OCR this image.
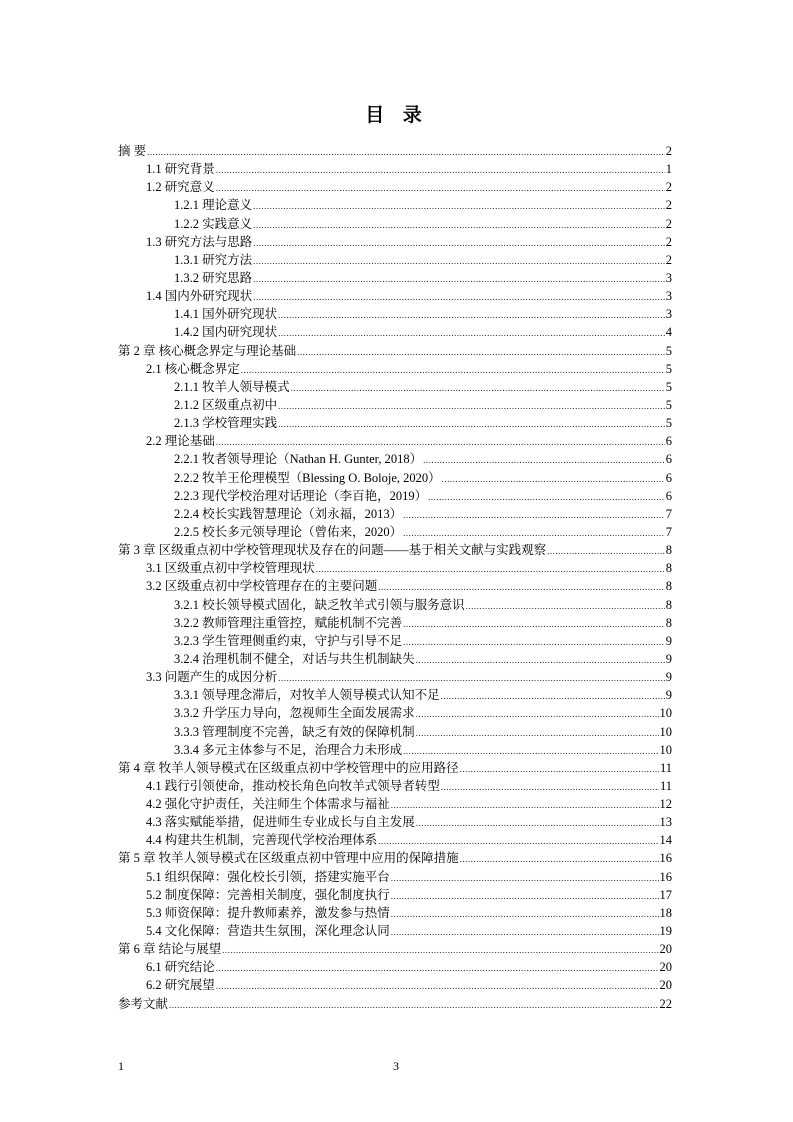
目 录
摘 要 .....	2
1.1 研究背景 .....	1
1.2 研究意义 .....	2
1.2.1 理论意义 .....	2
1.2.2 实践意义 .....	2
1.3 研究方法与思路 .....	2
1.3.1 研究方法 .....	2
1.3.2 研究思路 .....	3
1.4 国内外研究现状 .....	3
1.4.1 国外研究现状 .....	3
1.4.2 国内研究现状 .....	4
第 2 章 核心概念界定与理论基础 .....	5
2.1 核心概念界定 .....	5
2.1.1 牧羊人领导模式 .....	5
2.1.2 区级重点初中 .....	5
2.1.3 学校管理实践 .....	5
2.2 理论基础 .....	6
2.2.1 牧者领导理论（Nathan H. Gunter, 2018） .....	6
2.2.2 牧羊王伦理模型（Blessing O. Boloje, 2020） .....	6
2.2.3 现代学校治理对话理论（李百艳，2019） .....	6
2.2.4 校长实践智慧理论（刘永福，2013） .....	7
2.2.5 校长多元领导理论（曾佑来，2020） .....	7
第 3 章 区级重点初中学校管理现状及存在的问题——基于相关文献与实践观察 .....	8
3.1 区级重点初中学校管理现状 .....	8
3.2 区级重点初中学校管理存在的主要问题 .....	8
3.2.1 校长领导模式固化，缺乏牧羊式引领与服务意识 .....	8
3.2.2 教师管理注重管控，赋能机制不完善 .....	8
3.2.3 学生管理侧重约束，守护与引导不足 .....	9
3.2.4 治理机制不健全，对话与共生机制缺失 .....	9
3.3 问题产生的成因分析 .....	9
3.3.1 领导理念滞后，对牧羊人领导模式认知不足 .....	9
3.3.2 升学压力导向，忽视师生全面发展需求 .....	10
3.3.3 管理制度不完善，缺乏有效的保障机制 .....	10
3.3.4 多元主体参与不足，治理合力未形成 .....	10
第 4 章 牧羊人领导模式在区级重点初中学校管理中的应用路径 .....	11
4.1 践行引领使命，推动校长角色向牧羊式领导者转型 .....	11
4.2 强化守护责任，关注师生个体需求与福祉 .....	12
4.3 落实赋能举措，促进师生专业成长与自主发展 .....	13
4.4 构建共生机制，完善现代学校治理体系 .....	14
第 5 章 牧羊人领导模式在区级重点初中管理中应用的保障措施 .....	16
5.1 组织保障：强化校长引领，搭建实施平台 .....	16
5.2 制度保障：完善相关制度，强化制度执行 .....	17
5.3 师资保障：提升教师素养，激发参与热情 .....	18
5.4 文化保障：营造共生氛围，深化理念认同 .....	19
第 6 章 结论与展望 .....	20
6.1 研究结论 .....	20
6.2 研究展望 .....	20
参考文献 .....	22
1	3
